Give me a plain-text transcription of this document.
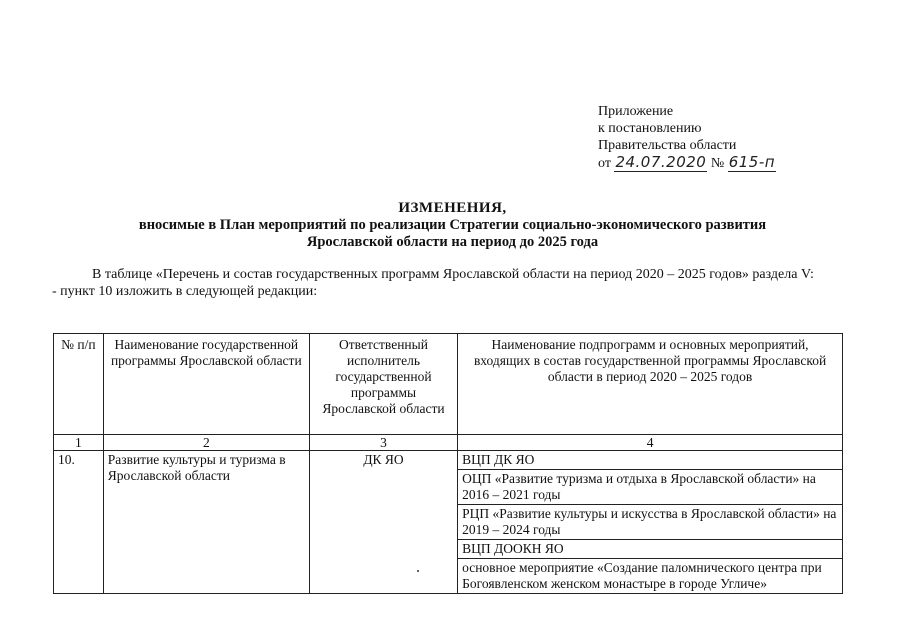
Приложение
к постановлению
Правительства области
от 24.07.2020 № 615-п
ИЗМЕНЕНИЯ,
вносимые в План мероприятий по реализации Стратегии социально-экономического развития
Ярославской области на период до 2025 года

В таблице «Перечень и состав государственных программ Ярославской области на период 2020 – 2025 годов» раздела V:

- пункт 10 изложить в следующей редакции:

№ п/п	Наименование государственной программы Ярославской области	Ответственный исполнитель государственной программы Ярославской области	Наименование подпрограмм и основных мероприятий, входящих в состав государственной программы Ярославской области в период 2020 – 2025 годов
1	2	3	4
10.	Развитие культуры и туризма в Ярославской области	ДК ЯО	ВЦП ДК ЯО
			ОЦП «Развитие туризма и отдыха в Ярославской области» на 2016 – 2021 годы
			РЦП «Развитие культуры и искусства в Ярославской области» на 2019 – 2024 годы
			ВЦП ДООКН ЯО
			основное мероприятие «Создание паломнического центра при Богоявленском женском монастыре в городе Угличе»
